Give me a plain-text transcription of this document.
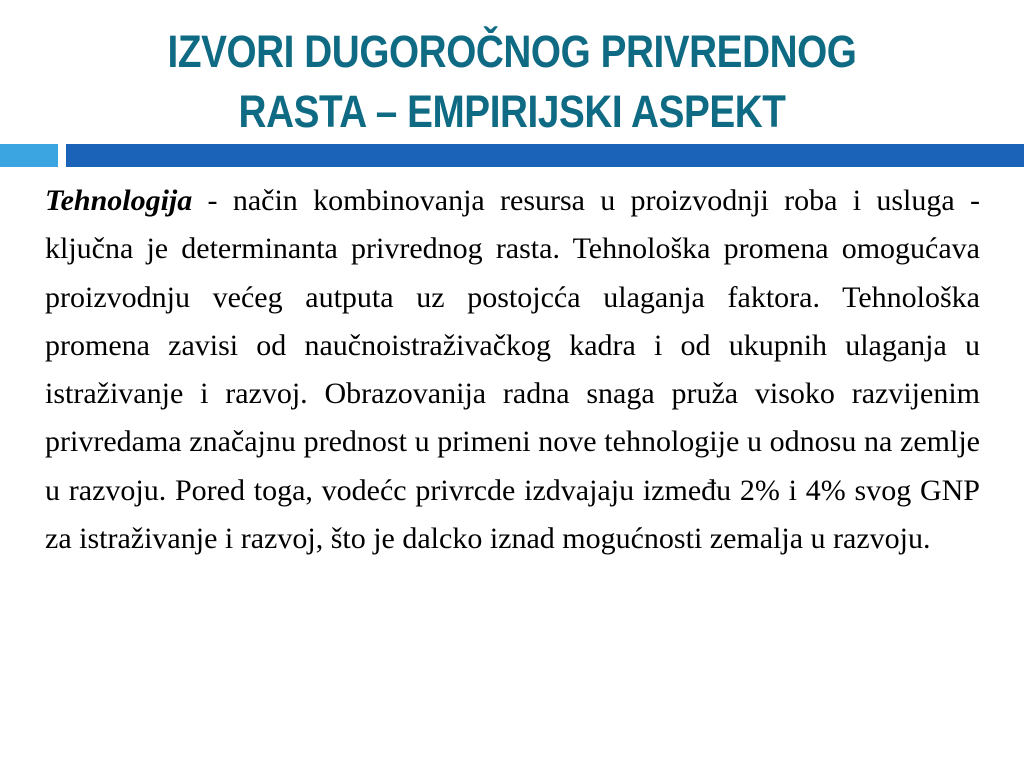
IZVORI DUGOROČNOG PRIVREDNOG
RASTA – EMPIRIJSKI ASPEKT

Tehnologija - način kombinovanja resursa u proizvodnji roba i usluga - ključna je determinanta privrednog rasta. Tehnološka promena omogućava proizvodnju većeg autputa uz postojcća ulaganja faktora. Tehnološka promena zavisi od naučnoistraživačkog kadra i od ukupnih ulaganja u istraživanje i razvoj. Obrazovanija radna snaga pruža visoko razvijenim privredama značajnu prednost u primeni nove tehnologije u odnosu na zemlje u razvoju. Pored toga, vodećc privrcde izdvajaju između 2% i 4% svog GNP za istraživanje i razvoj, što je dalcko iznad mogućnosti zemalja u razvoju.
